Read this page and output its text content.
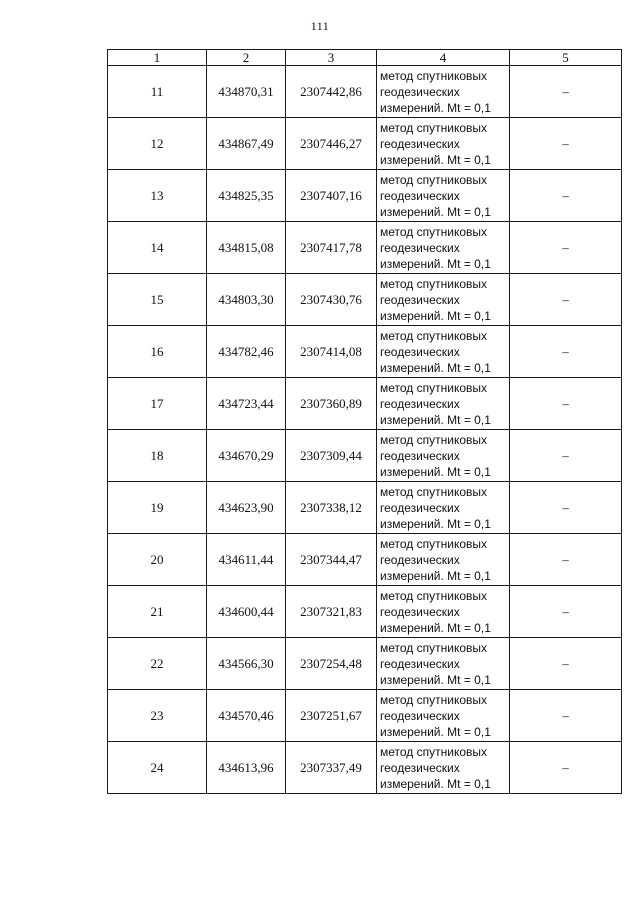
111
1	2	3	4	5
11	434870,31	2307442,86	метод спутниковых
геодезических
измерений. Mt = 0,1	–
12	434867,49	2307446,27	метод спутниковых
геодезических
измерений. Mt = 0,1	–
13	434825,35	2307407,16	метод спутниковых
геодезических
измерений. Mt = 0,1	–
14	434815,08	2307417,78	метод спутниковых
геодезических
измерений. Mt = 0,1	–
15	434803,30	2307430,76	метод спутниковых
геодезических
измерений. Mt = 0,1	–
16	434782,46	2307414,08	метод спутниковых
геодезических
измерений. Mt = 0,1	–
17	434723,44	2307360,89	метод спутниковых
геодезических
измерений. Mt = 0,1	–
18	434670,29	2307309,44	метод спутниковых
геодезических
измерений. Mt = 0,1	–
19	434623,90	2307338,12	метод спутниковых
геодезических
измерений. Mt = 0,1	–
20	434611,44	2307344,47	метод спутниковых
геодезических
измерений. Mt = 0,1	–
21	434600,44	2307321,83	метод спутниковых
геодезических
измерений. Mt = 0,1	–
22	434566,30	2307254,48	метод спутниковых
геодезических
измерений. Mt = 0,1	–
23	434570,46	2307251,67	метод спутниковых
геодезических
измерений. Mt = 0,1	–
24	434613,96	2307337,49	метод спутниковых
геодезических
измерений. Mt = 0,1	–
